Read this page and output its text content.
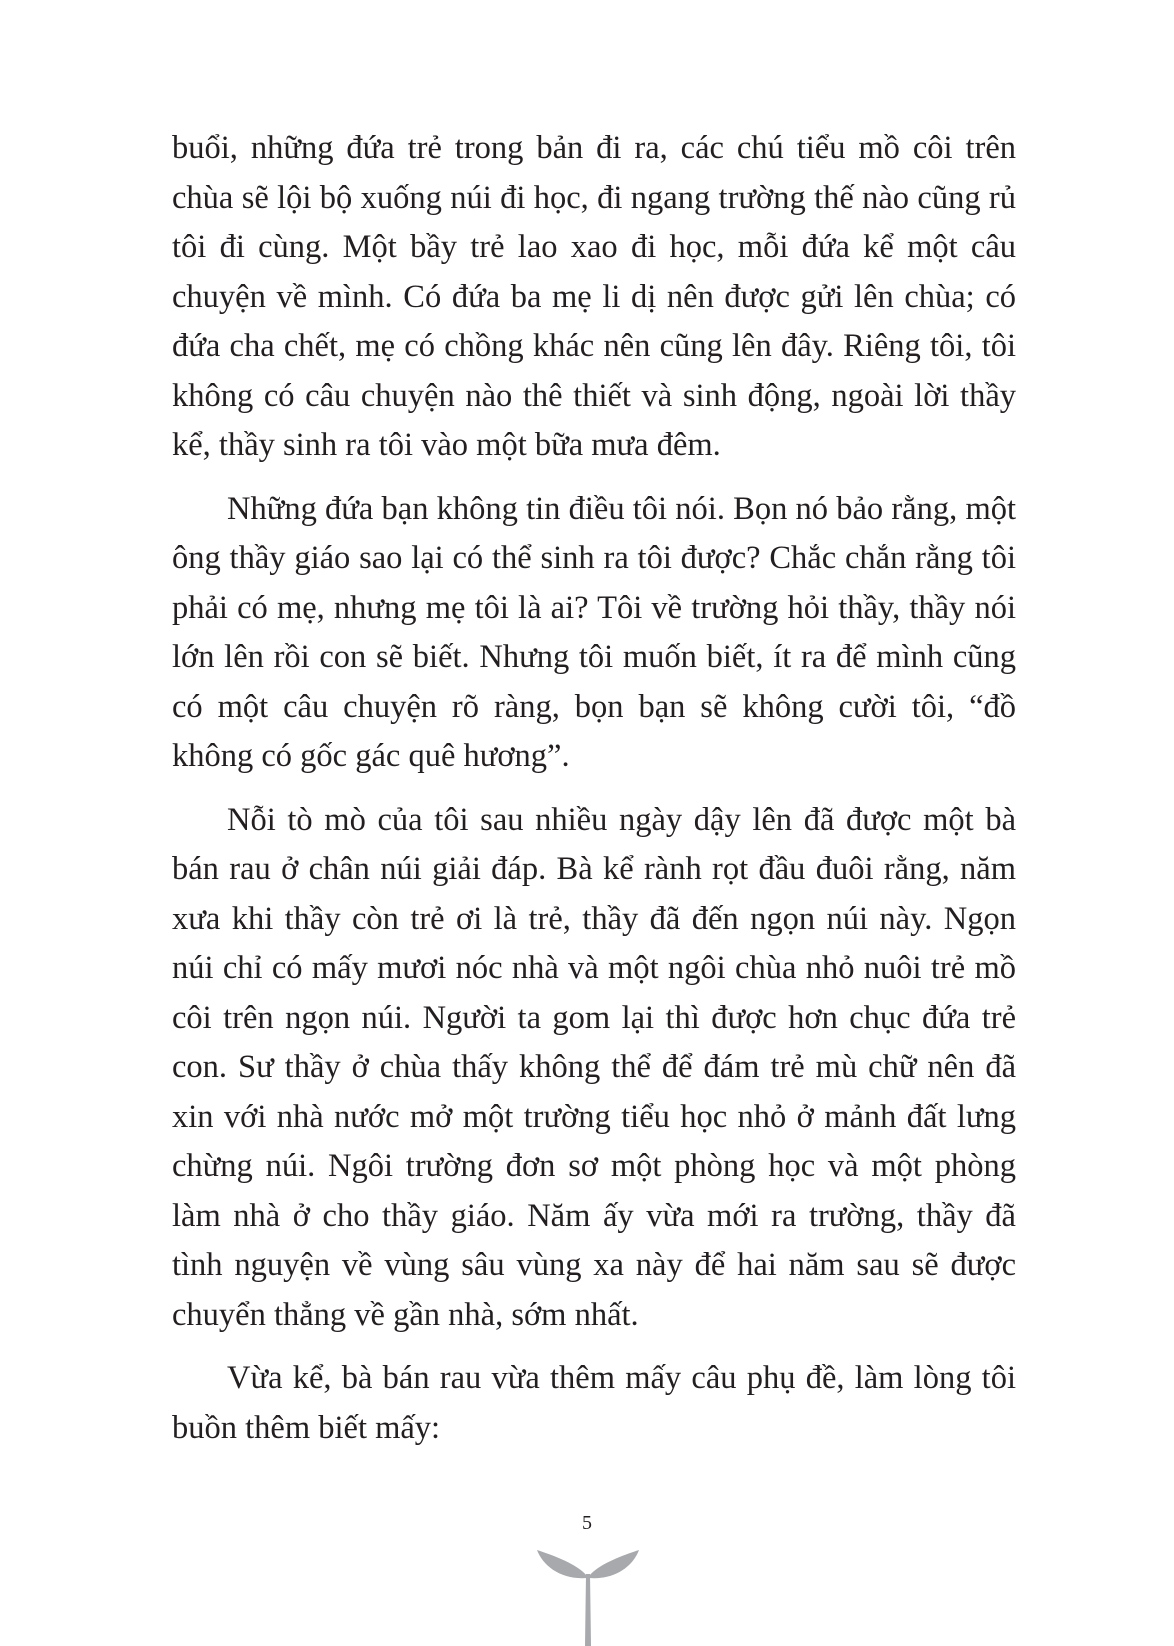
buổi, những đứa trẻ trong bản đi ra, các chú tiểu mồ côi trên chùa sẽ lội bộ xuống núi đi học, đi ngang trường thế nào cũng rủ tôi đi cùng. Một bầy trẻ lao xao đi học, mỗi đứa kể một câu chuyện về mình. Có đứa ba mẹ li dị nên được gửi lên chùa; có đứa cha chết, mẹ có chồng khác nên cũng lên đây. Riêng tôi, tôi không có câu chuyện nào thê thiết và sinh động, ngoài lời thầy kể, thầy sinh ra tôi vào một bữa mưa đêm.

Những đứa bạn không tin điều tôi nói. Bọn nó bảo rằng, một ông thầy giáo sao lại có thể sinh ra tôi được? Chắc chắn rằng tôi phải có mẹ, nhưng mẹ tôi là ai? Tôi về trường hỏi thầy, thầy nói lớn lên rồi con sẽ biết. Nhưng tôi muốn biết, ít ra để mình cũng có một câu chuyện rõ ràng, bọn bạn sẽ không cười tôi, “đồ không có gốc gác quê hương”.

Nỗi tò mò của tôi sau nhiều ngày dậy lên đã được một bà bán rau ở chân núi giải đáp. Bà kể rành rọt đầu đuôi rằng, năm xưa khi thầy còn trẻ ơi là trẻ, thầy đã đến ngọn núi này. Ngọn núi chỉ có mấy mươi nóc nhà và một ngôi chùa nhỏ nuôi trẻ mồ côi trên ngọn núi. Người ta gom lại thì được hơn chục đứa trẻ con. Sư thầy ở chùa thấy không thể để đám trẻ mù chữ nên đã xin với nhà nước mở một trường tiểu học nhỏ ở mảnh đất lưng chừng núi. Ngôi trường đơn sơ một phòng học và một phòng làm nhà ở cho thầy giáo. Năm ấy vừa mới ra trường, thầy đã tình nguyện về vùng sâu vùng xa này để hai năm sau sẽ được chuyển thẳng về gần nhà, sớm nhất.

Vừa kể, bà bán rau vừa thêm mấy câu phụ đề, làm lòng tôi buồn thêm biết mấy:

5
